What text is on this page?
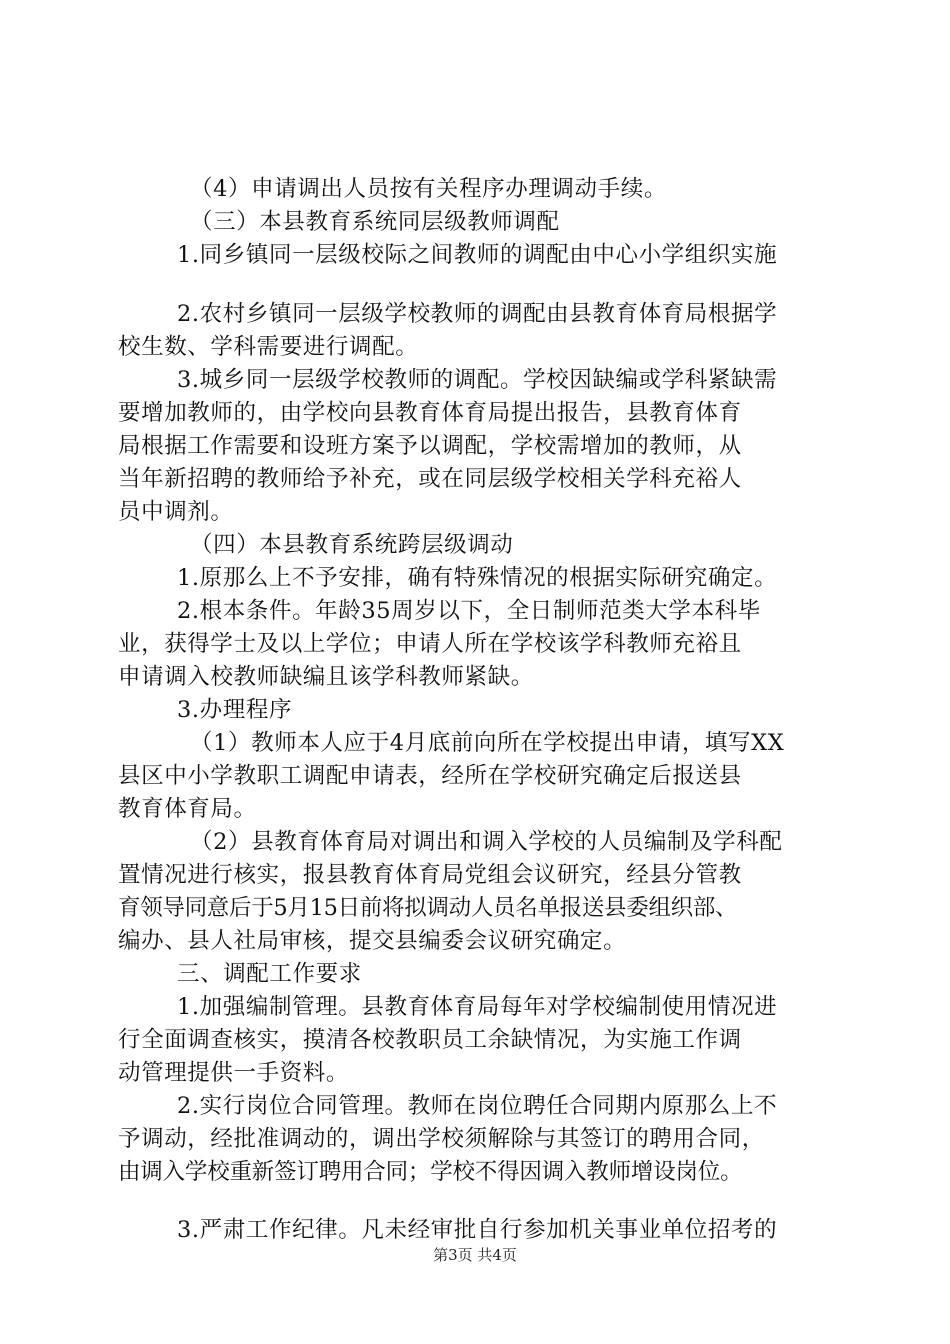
（4）申请调出人员按有关程序办理调动手续。
（三）本县教育系统同层级教师调配
1.同乡镇同一层级校际之间教师的调配由中心小学组织实施
2.农村乡镇同一层级学校教师的调配由县教育体育局根据学
校生数、学科需要进行调配。
3.城乡同一层级学校教师的调配。学校因缺编或学科紧缺需
要增加教师的，由学校向县教育体育局提出报告，县教育体育
局根据工作需要和设班方案予以调配，学校需增加的教师，从
当年新招聘的教师给予补充，或在同层级学校相关学科充裕人
员中调剂。
（四）本县教育系统跨层级调动
1.原那么上不予安排，确有特殊情况的根据实际研究确定。
2.根本条件。年龄35周岁以下，全日制师范类大学本科毕
业，获得学士及以上学位；申请人所在学校该学科教师充裕且
申请调入校教师缺编且该学科教师紧缺。
3.办理程序
（1）教师本人应于4月底前向所在学校提出申请，填写XX
县区中小学教职工调配申请表，经所在学校研究确定后报送县
教育体育局。
（2）县教育体育局对调出和调入学校的人员编制及学科配
置情况进行核实，报县教育体育局党组会议研究，经县分管教
育领导同意后于5月15日前将拟调动人员名单报送县委组织部、
编办、县人社局审核，提交县编委会议研究确定。
三、调配工作要求
1.加强编制管理。县教育体育局每年对学校编制使用情况进
行全面调查核实，摸清各校教职员工余缺情况，为实施工作调
动管理提供一手资料。
2.实行岗位合同管理。教师在岗位聘任合同期内原那么上不
予调动，经批准调动的，调出学校须解除与其签订的聘用合同，
由调入学校重新签订聘用合同；学校不得因调入教师增设岗位。
3.严肃工作纪律。凡未经审批自行参加机关事业单位招考的
第3页 共4页
